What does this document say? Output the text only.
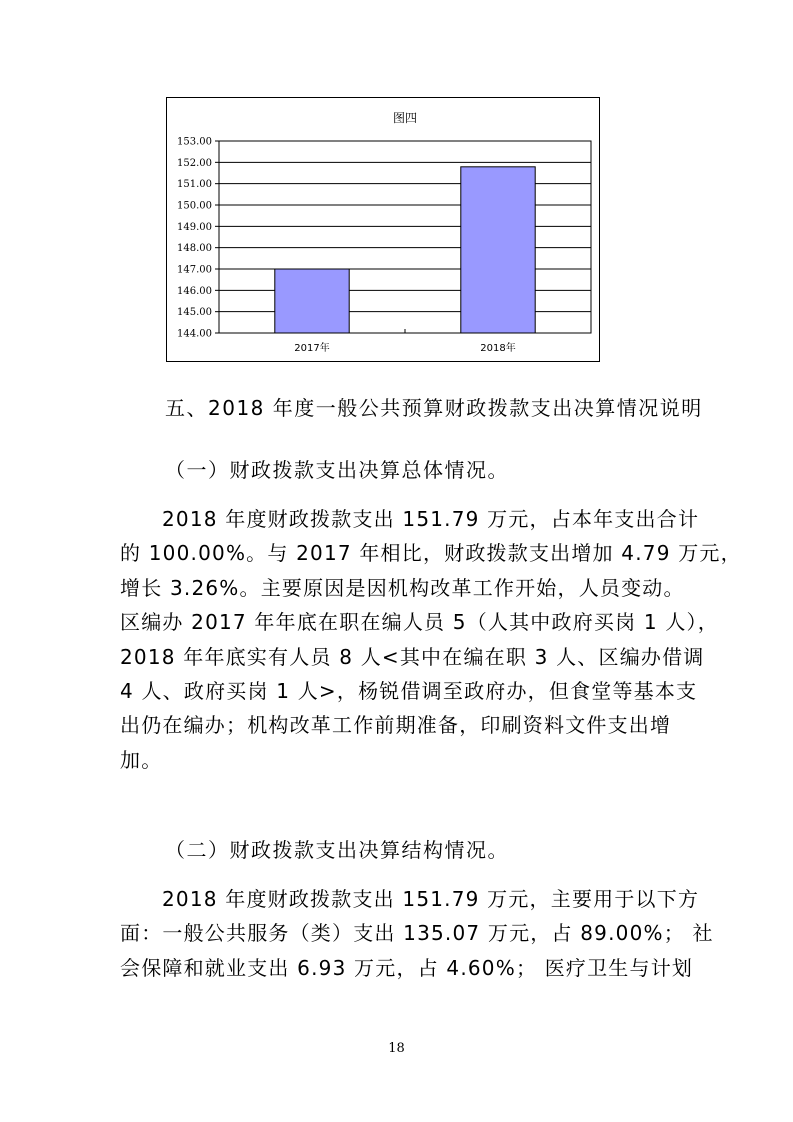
图四
144.00
145.00
146.00
147.00
148.00
149.00
150.00
151.00
152.00
153.00
2017年	2018年
五、2018 年度一般公共预算财政拨款支出决算情况说明
（一）财政拨款支出决算总体情况。
2018 年度财政拨款支出 151.79 万元，占本年支出合计
的 100.00%。与 2017 年相比，财政拨款支出增加 4.79 万元，
增长 3.26%。主要原因是因机构改革工作开始，人员变动。
区编办 2017 年年底在职在编人员 5（人其中政府买岗 1 人），
2018 年年底实有人员 8 人<其中在编在职 3 人、区编办借调
4 人、政府买岗 1 人>，杨锐借调至政府办，但食堂等基本支
出仍在编办；机构改革工作前期准备，印刷资料文件支出增
加。
（二）财政拨款支出决算结构情况。
2018 年度财政拨款支出 151.79 万元，主要用于以下方
面：一般公共服务（类）支出 135.07 万元，占 89.00%； 社
会保障和就业支出 6.93 万元，占 4.60%； 医疗卫生与计划
18
